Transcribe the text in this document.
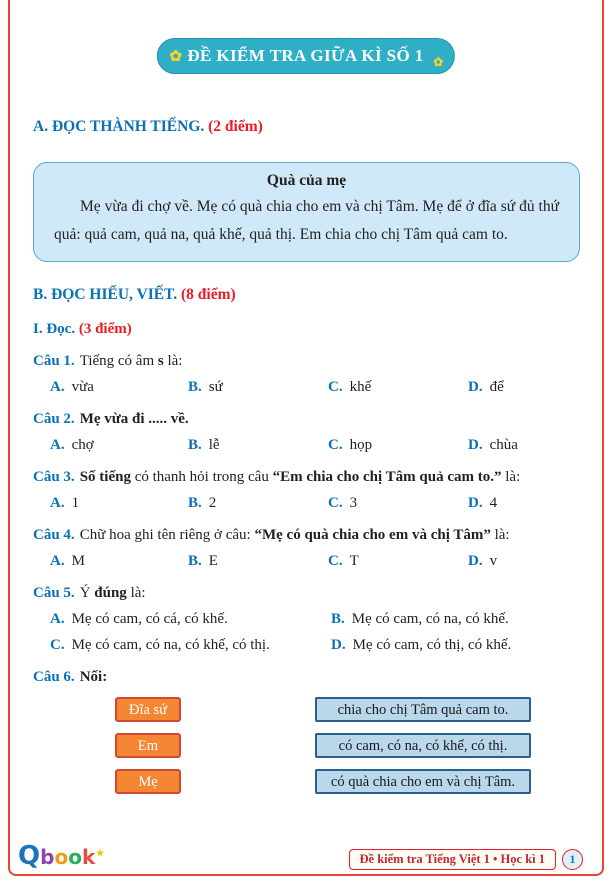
✿ ĐỀ KIỂM TRA GIỮA KÌ SỐ 1 ✿
A. ĐỌC THÀNH TIẾNG. (2 điểm)
Quà của mẹ
Mẹ vừa đi chợ về. Mẹ có quà chia cho em và chị Tâm. Mẹ để ở đĩa sứ đủ thứ quả: quả cam, quả na, quả khế, quả thị. Em chia cho chị Tâm quả cam to.
B. ĐỌC HIỂU, VIẾT. (8 điểm)
I. Đọc. (3 điểm)
Câu 1. Tiếng có âm s là:
A. vừa	B. sứ	C. khế	D. để
Câu 2. Mẹ vừa đi ..... về.
A. chợ	B. lễ	C. họp	D. chùa
Câu 3. Số tiếng có thanh hỏi trong câu “Em chia cho chị Tâm quả cam to.” là:
A. 1	B. 2	C. 3	D. 4
Câu 4. Chữ hoa ghi tên riêng ở câu: “Mẹ có quà chia cho em và chị Tâm” là:
A. M	B. E	C. T	D. v
Câu 5. Ý đúng là:
A. Mẹ có cam, có cá, có khế.	B. Mẹ có cam, có na, có khế.
C. Mẹ có cam, có na, có khế, có thị.	D. Mẹ có cam, có thị, có khế.
Câu 6. Nối:
Đĩa sứ	chia cho chị Tâm quả cam to.
Em	có cam, có na, có khế, có thị.
Mẹ	có quà chia cho em và chị Tâm.
Qbook★	Đề kiểm tra Tiếng Việt 1 • Học kì 1	1
